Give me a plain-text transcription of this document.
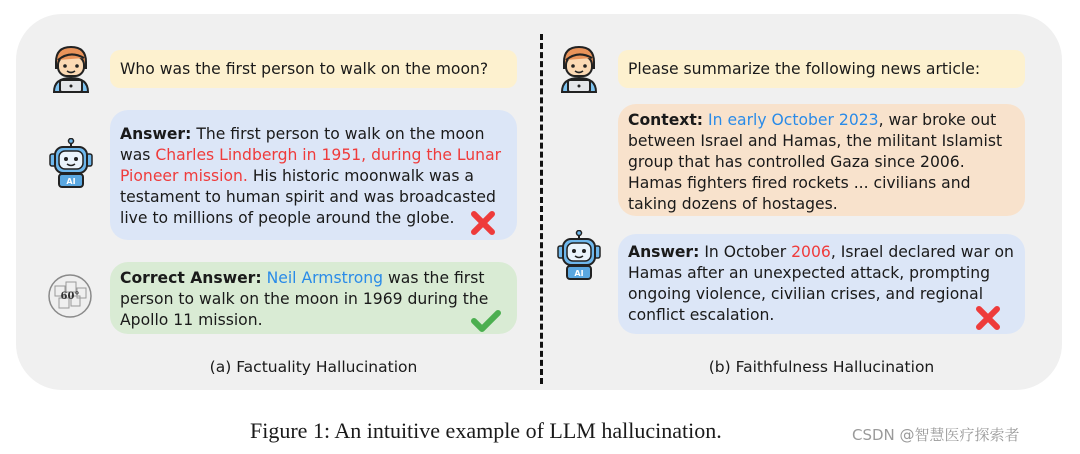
Who was the first person to walk on the moon?
AI
Answer: The first person to walk on the moon was Charles Lindbergh in 1951, during the Lunar Pioneer mission. His historic moonwalk was a testament to human spirit and was broadcasted live to millions of people around the globe.
60°
Correct Answer: Neil Armstrong was the first person to walk on the moon in 1969 during the Apollo 11 mission.
(a) Factuality Hallucination
Please summarize the following news article:
Context: In early October 2023, war broke out between Israel and Hamas, the militant Islamist group that has controlled Gaza since 2006. Hamas fighters fired rockets ... civilians and taking dozens of hostages.
AI
Answer: In October 2006, Israel declared war on Hamas after an unexpected attack, prompting ongoing violence, civilian crises, and regional conflict escalation.
(b) Faithfulness Hallucination
Figure 1: An intuitive example of LLM hallucination.	CSDN @智慧医疗探索者
